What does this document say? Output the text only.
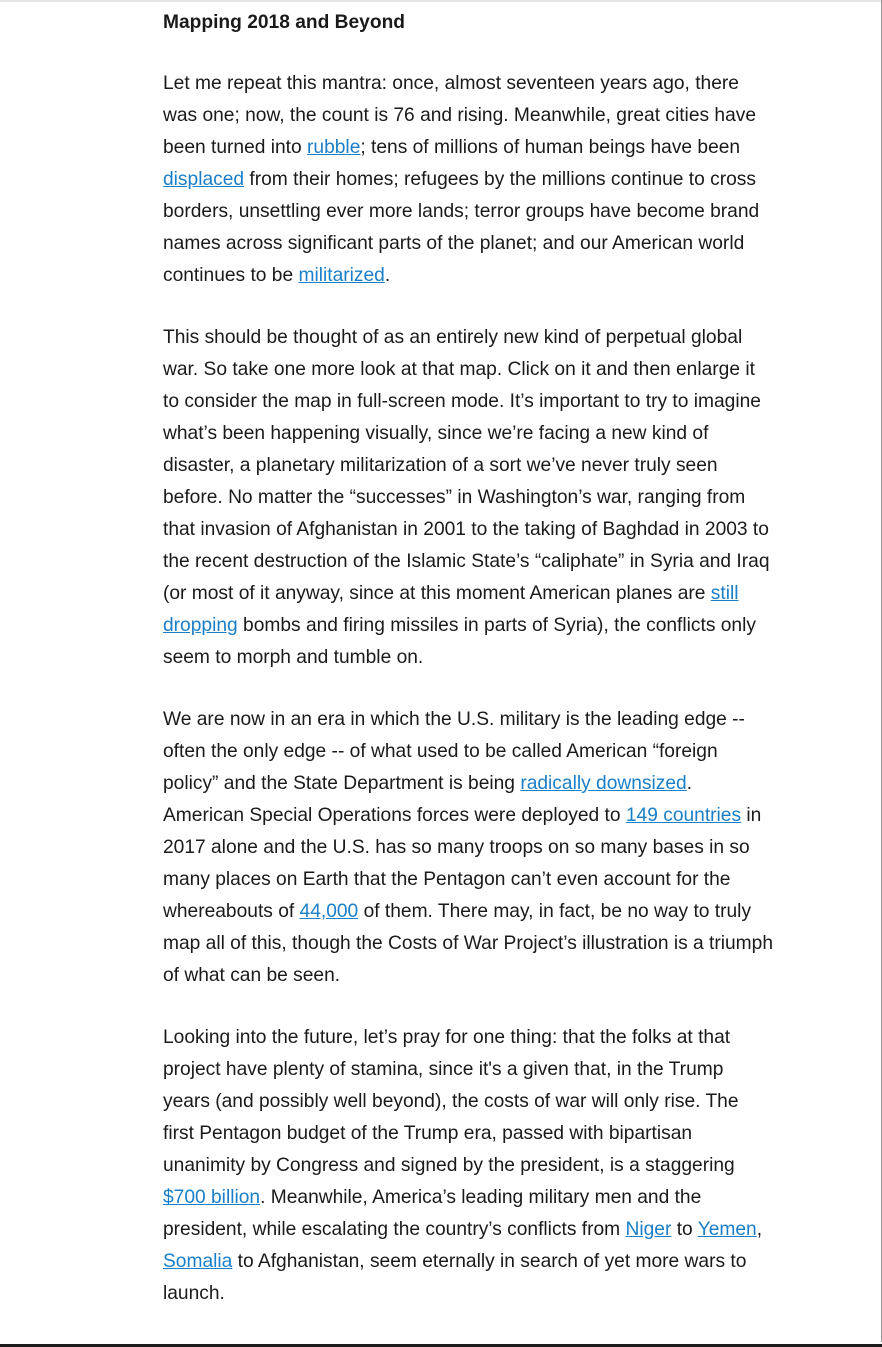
Mapping 2018 and Beyond
Let me repeat this mantra: once, almost seventeen years ago, there was one; now, the count is 76 and rising. Meanwhile, great cities have been turned into rubble; tens of millions of human beings have been displaced from their homes; refugees by the millions continue to cross borders, unsettling ever more lands; terror groups have become brand names across significant parts of the planet; and our American world continues to be militarized.
This should be thought of as an entirely new kind of perpetual global war. So take one more look at that map. Click on it and then enlarge it to consider the map in full-screen mode. It’s important to try to imagine what’s been happening visually, since we’re facing a new kind of disaster, a planetary militarization of a sort we’ve never truly seen before. No matter the “successes” in Washington’s war, ranging from that invasion of Afghanistan in 2001 to the taking of Baghdad in 2003 to the recent destruction of the Islamic State’s “caliphate” in Syria and Iraq (or most of it anyway, since at this moment American planes are still dropping bombs and firing missiles in parts of Syria), the conflicts only seem to morph and tumble on.
We are now in an era in which the U.S. military is the leading edge -- often the only edge -- of what used to be called American “foreign policy” and the State Department is being radically downsized. American Special Operations forces were deployed to 149 countries in 2017 alone and the U.S. has so many troops on so many bases in so many places on Earth that the Pentagon can’t even account for the whereabouts of 44,000 of them. There may, in fact, be no way to truly map all of this, though the Costs of War Project’s illustration is a triumph of what can be seen.
Looking into the future, let’s pray for one thing: that the folks at that project have plenty of stamina, since it's a given that, in the Trump years (and possibly well beyond), the costs of war will only rise. The first Pentagon budget of the Trump era, passed with bipartisan unanimity by Congress and signed by the president, is a staggering $700 billion. Meanwhile, America’s leading military men and the president, while escalating the country’s conflicts from Niger to Yemen, Somalia to Afghanistan, seem eternally in search of yet more wars to launch.
